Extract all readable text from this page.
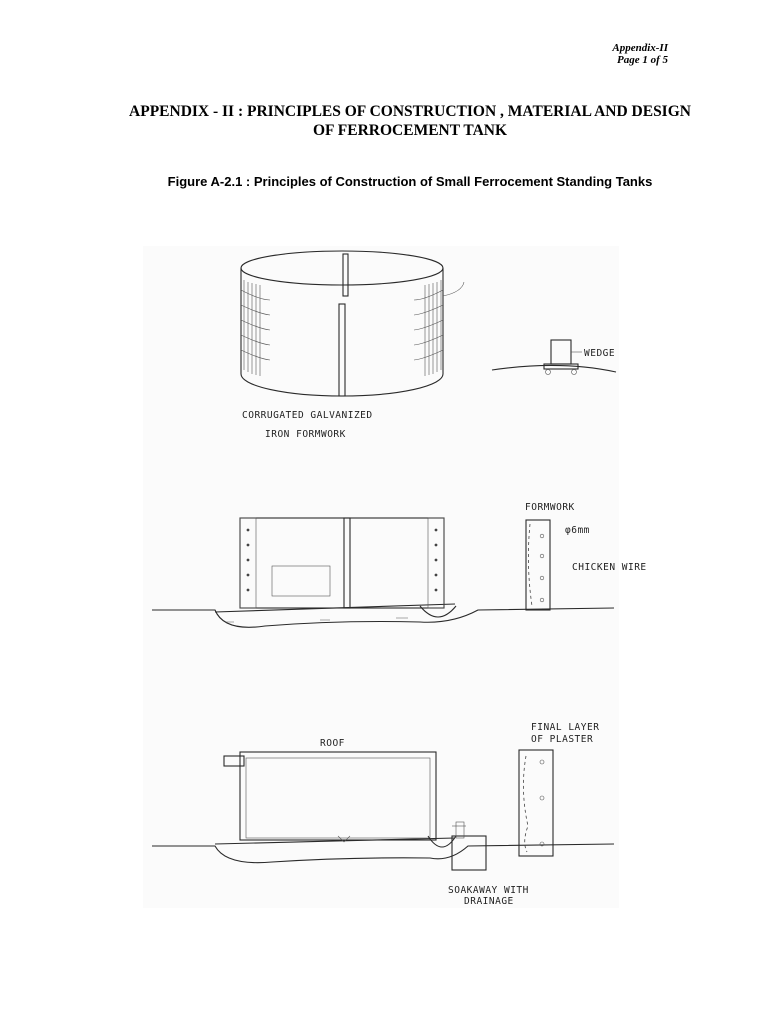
Appendix-II
Page 1 of 5
APPENDIX - II : PRINCIPLES OF CONSTRUCTION , MATERIAL AND DESIGN OF FERROCEMENT TANK
Figure A-2.1 : Principles of Construction of Small Ferrocement Standing Tanks
WEDGE
CORRUGATED GALVANIZED
IRON FORMWORK
FORMWORK
φ6mm
CHICKEN WIRE
ROOF
FINAL LAYER
OF PLASTER
SOAKAWAY WITH
DRAINAGE
